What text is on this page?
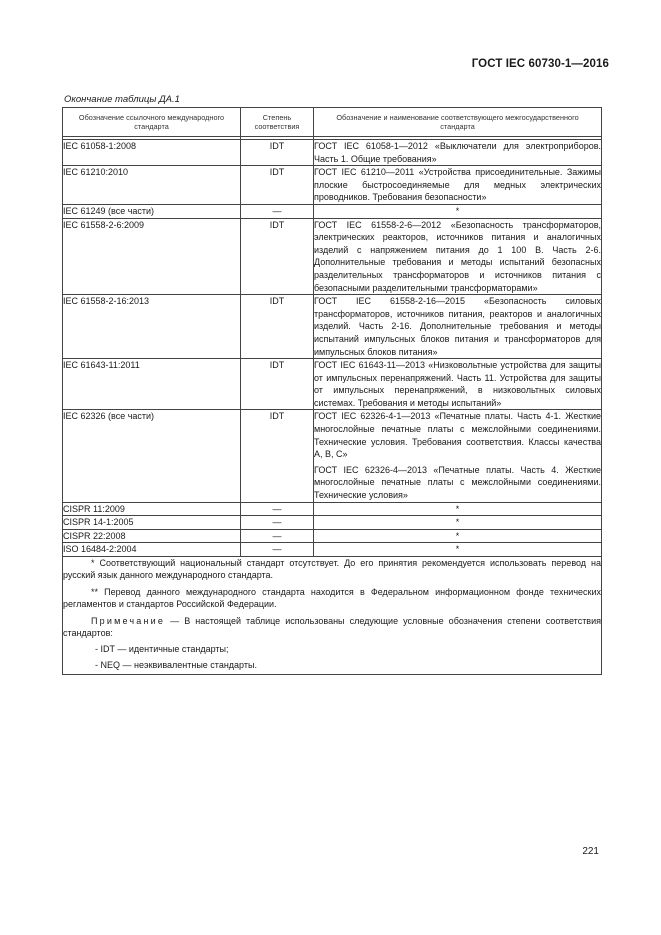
ГОСТ IEC 60730-1—2016
Окончание таблицы ДА.1
Обозначение ссылочного международного стандарта	Степень соответствия	Обозначение и наименование соответствующего межгосударственного стандарта

IEC 61058-1:2008	IDT	ГОСТ IEC 61058-1—2012 «Выключатели для электроприборов. Часть 1. Общие требования»

IEC 61210:2010	IDT	ГОСТ IEC 61210—2011 «Устройства присоединительные. Зажимы плоские быстросоединяемые для медных электрических проводников. Требования безопасности»

IEC 61249 (все части)	—	*

IEC 61558-2-6:2009	IDT	ГОСТ IEC 61558-2-6—2012 «Безопасность трансформаторов, электрических реакторов, источников питания и аналогичных изделий с напряжением питания до 1 100 В. Часть 2-6. Дополнительные требования и методы испытаний безопасных разделительных трансформаторов и источников питания с безопасными разделительными трансформаторами»

IEC 61558-2-16:2013	IDT	ГОСТ IEC 61558-2-16—2015 «Безопасность силовых трансформаторов, источников питания, реакторов и аналогичных изделий. Часть 2-16. Дополнительные требования и методы испытаний импульсных блоков питания и трансформаторов для импульсных блоков питания»

IEC 61643-11:2011	IDT	ГОСТ IEC 61643-11—2013 «Низковольтные устройства для защиты от импульсных перенапряжений. Часть 11. Устройства для защиты от импульсных перенапряжений, в низковольтных силовых системах. Требования и методы испытаний»

IEC 62326 (все части)	IDT	ГОСТ IEC 62326-4-1—2013 «Печатные платы. Часть 4-1. Жесткие многослойные печатные платы с межслойными соединениями. Технические условия. Требования соответствия. Классы качества А, В, С»
ГОСТ IEC 62326-4—2013 «Печатные платы. Часть 4. Жесткие многослойные печатные платы с межслойными соединениями. Технические условия»

CISPR 11:2009	—	*

CISPR 14-1:2005	—	*

CISPR 22:2008	—	*

ISO 16484-2:2004	—	*

* Соответствующий национальный стандарт отсутствует. До его принятия рекомендуется использовать перевод на русский язык данного международного стандарта.

** Перевод данного международного стандарта находится в Федеральном информационном фонде технических регламентов и стандартов Российской Федерации.

Примечание — В настоящей таблице использованы следующие условные обозначения степени соответствия стандартов:

- IDT — идентичные стандарты;
- NEQ — неэквивалентные стандарты.		
221
